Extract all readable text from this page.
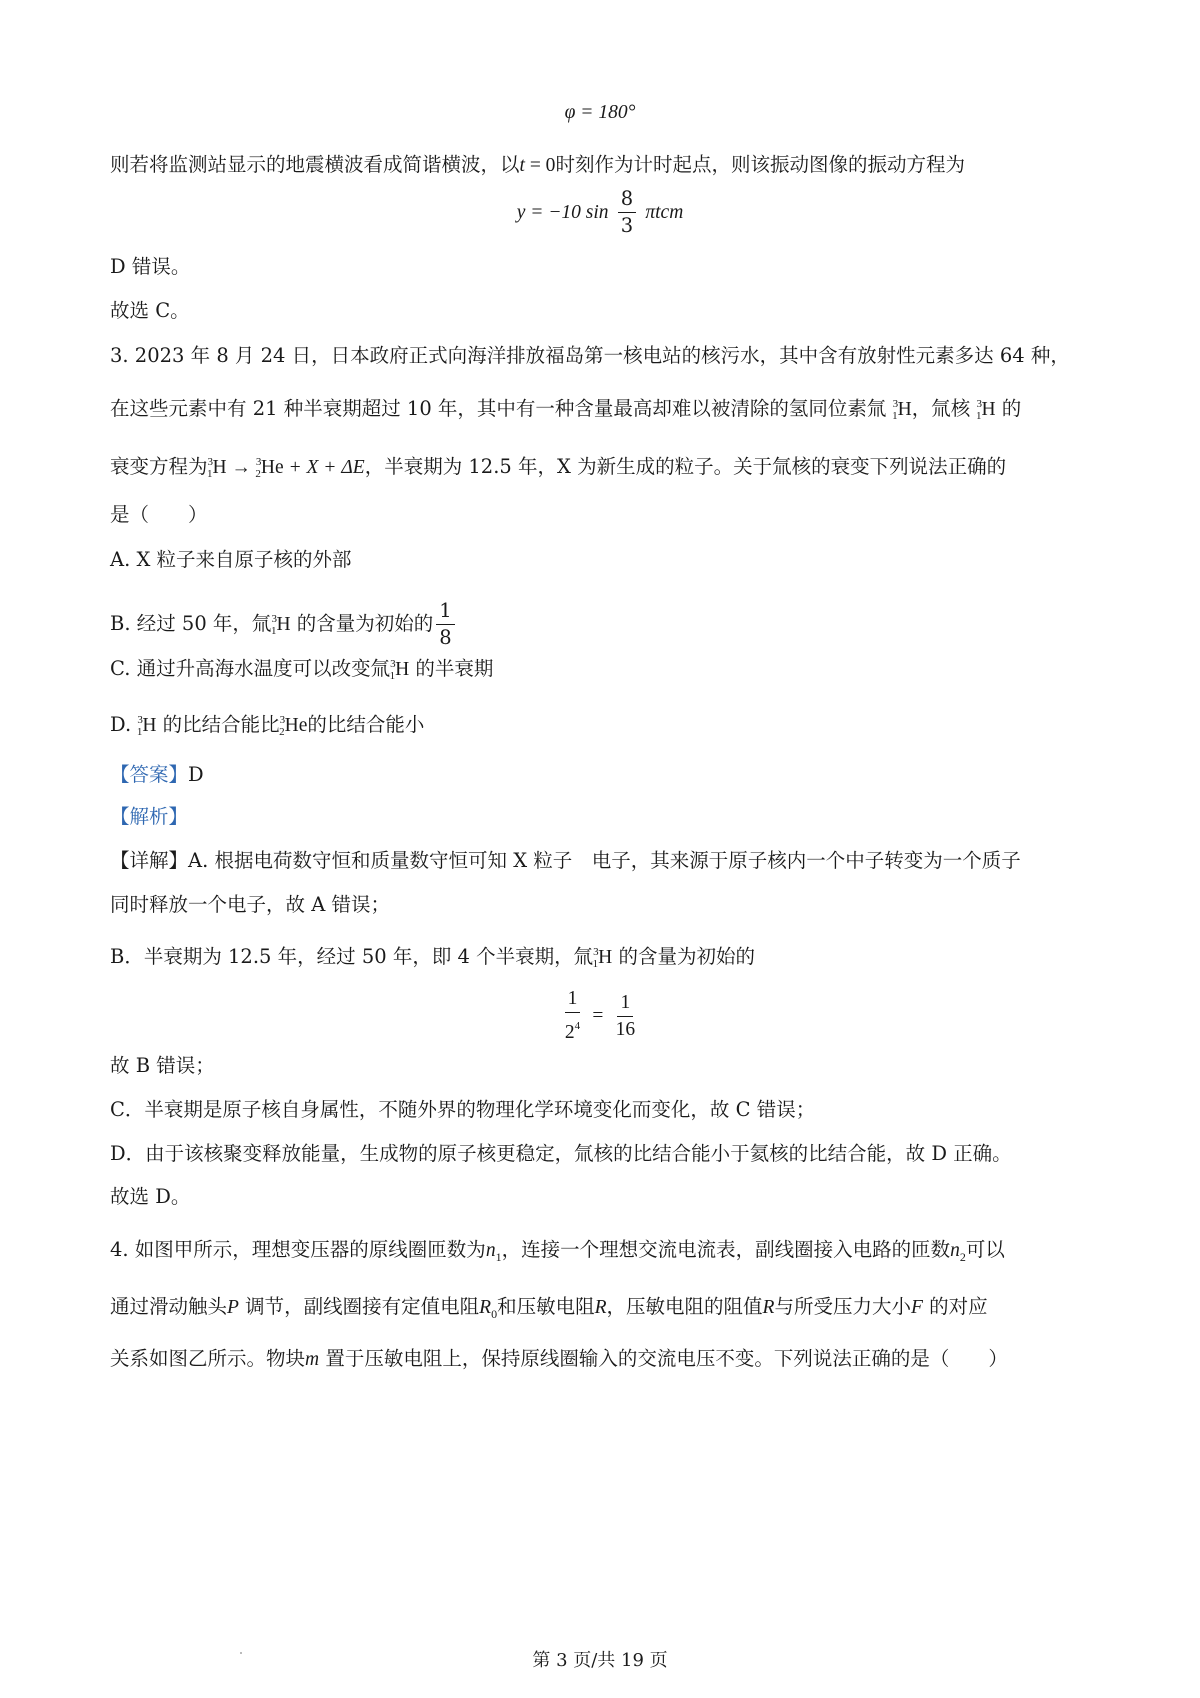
φ = 180°
则若将监测站显示的地震横波看成简谐横波，以t = 0时刻作为计时起点，则该振动图像的振动方程为
y = −10 $\sin \frac{8}{3}$ πtcm
D 错误。
故选 C。
3. 2023 年 8 月 24 日，日本政府正式向海洋排放福岛第一核电站的核污水，其中含有放射性元素多达 64 种，
在这些元素中有 21 种半衰期超过 10 年，其中有一种含量最高却难以被清除的氢同位素氚 31H，氚核 31H 的
衰变方程为31H → 32He + X + ΔE，半衰期为 12.5 年，X 为新生成的粒子。关于氚核的衰变下列说法正确的
是（　　）
A. X 粒子来自原子核的外部
B. 经过 50 年，氚31H 的含量为初始的 $\frac{1}{8}$
C. 通过升高海水温度可以改变氚31H 的半衰期
D. 31H 的比结合能比32He的比结合能小
【答案】D
【解析】
【详解】A. 根据电荷数守恒和质量数守恒可知 X 粒子　电子，其来源于原子核内一个中子转变为一个质子
同时释放一个电子，故 A 错误；
B．半衰期为 12.5 年，经过 50 年，即 4 个半衰期，氚31H 的含量为初始的
$\frac{1}{2^4} = \frac{1}{16}$
故 B 错误；
C．半衰期是原子核自身属性，不随外界的物理化学环境变化而变化，故 C 错误；
D．由于该核聚变释放能量，生成物的原子核更稳定，氚核的比结合能小于氦核的比结合能，故 D 正确。
故选 D。
4. 如图甲所示，理想变压器的原线圈匝数为$n_1$，连接一个理想交流电流表，副线圈接入电路的匝数$n_2$可以
通过滑动触头P 调节，副线圈接有定值电阻$R_0$和压敏电阻R，压敏电阻的阻值R与所受压力大小F 的对应
关系如图乙所示。物块m 置于压敏电阻上，保持原线圈输入的交流电压不变。下列说法正确的是（　　）
第 3 页/共 19 页
